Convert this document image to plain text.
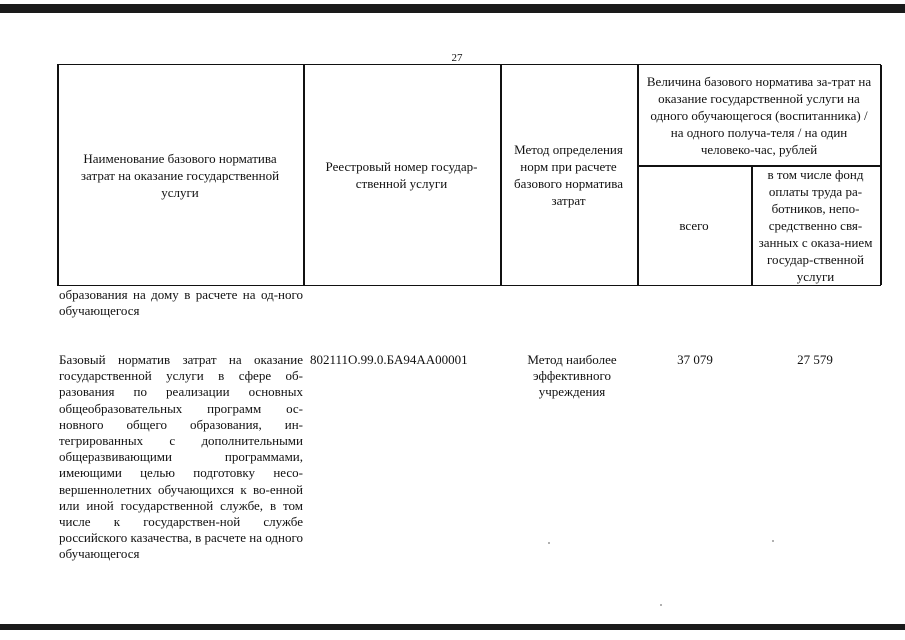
27
Наименование базового норматива затрат на оказание государственной услуги
Реестровый номер государ-ственной услуги
Метод определения норм при расчете базового норматива затрат
Величина базового норматива за-трат на оказание государственной услуги на одного обучающегося (воспитанника) / на одного получа-теля / на один человеко-час, рублей
всего
в том числе фонд оплаты труда ра-ботников, непо-средственно свя-занных с оказа-нием государ-ственной услуги
образования на дому в расчете на од-ного обучающегося
Базовый норматив затрат на оказание государственной услуги в сфере об-разования по реализации основных общеобразовательных программ ос-новного общего образования, ин-тегрированных с дополнительными общеразвивающими программами, имеющими целью подготовку несо-вершеннолетних обучающихся к во-енной или иной государственной службе, в том числе к государствен-ной службе российского казачества, в расчете на одного обучающегося
802111О.99.0.БА94АА00001	Метод наиболее эффективного учреждения
37 079	27 579
